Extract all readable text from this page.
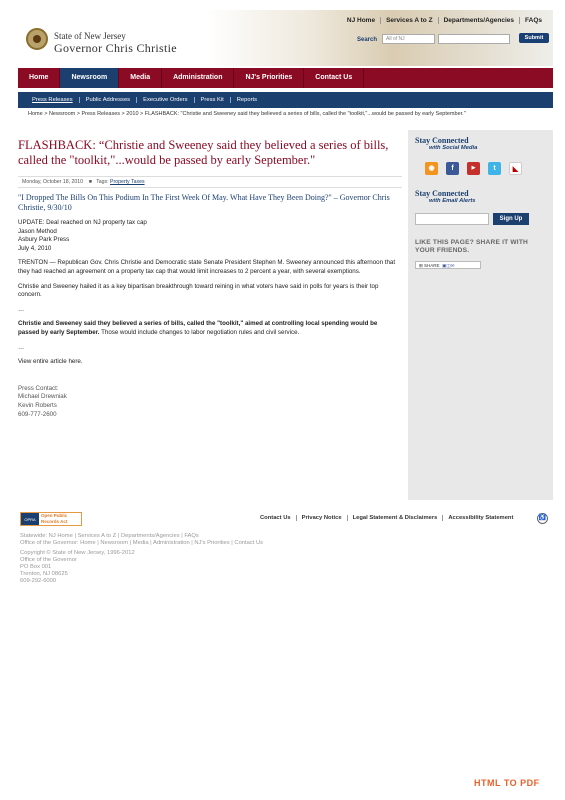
State of New Jersey
Governor Chris Christie
Search	All of NJ	Submit
NJ Home	Services A to Z	Departments/Agencies	FAQs
Home	Newsroom	Media	Administration	NJ's Priorities	Contact Us
Press Releases	Public Addresses	Executive Orders	Press Kit	Reports
Home > Newsroom > Press Releases > 2010 > FLASHBACK: "Christie and Sweeney said they believed a series of bills, called the "toolkit,"...would be passed by early September."
FLASHBACK: “Christie and Sweeney said they believed a series of bills, called the "toolkit,"...would be passed by early September."
Monday, October 18, 2010    ■   Tags: Property Taxes
"I Dropped The Bills On This Podium In The First Week Of May. What Have They Been Doing?" – Governor Chris Christie, 9/30/10
UPDATE: Deal reached on NJ property tax cap
Jason Method
Asbury Park Press

July 4, 2010

TRENTON — Republican Gov. Chris Christie and Democratic state Senate President Stephen M. Sweeney announced this afternoon that they had reached an agreement on a property tax cap that would limit increases to 2 percent a year, with several exemptions.

Christie and Sweeney hailed it as a key bipartisan breakthrough toward reining in what voters have said in polls for years is their top concern.

…

Christie and Sweeney said they believed a series of bills, called the "toolkit," aimed at controlling local spending would be passed by early September. Those would include changes to labor negotiation rules and civil service.

…

View entire article here.

Press Contact:
Michael Drewniak
Kevin Roberts
609-777-2600
Stay Connected
with Social Media
◉	f	▶	t	◣
Stay Connected
with Email Alerts
Sign Up
LIKE THIS PAGE? SHARE IT WITH YOUR FRIENDS.
⊞ SHARE ▣◫✉
OPRA
Open Public Records Act
Contact Us	Privacy Notice	Legal Statement & Disclaimers	Accessibility Statement	♿
Statewide: NJ Home | Services A to Z | Departments/Agencies | FAQs
Office of the Governor: Home | Newsroom | Media | Administration | NJ's Priorities | Contact Us
Copyright © State of New Jersey, 1996-2012
Office of the Governor
PO Box 001
Trenton, NJ 08625
609-292-6000
HTML TO PDF
